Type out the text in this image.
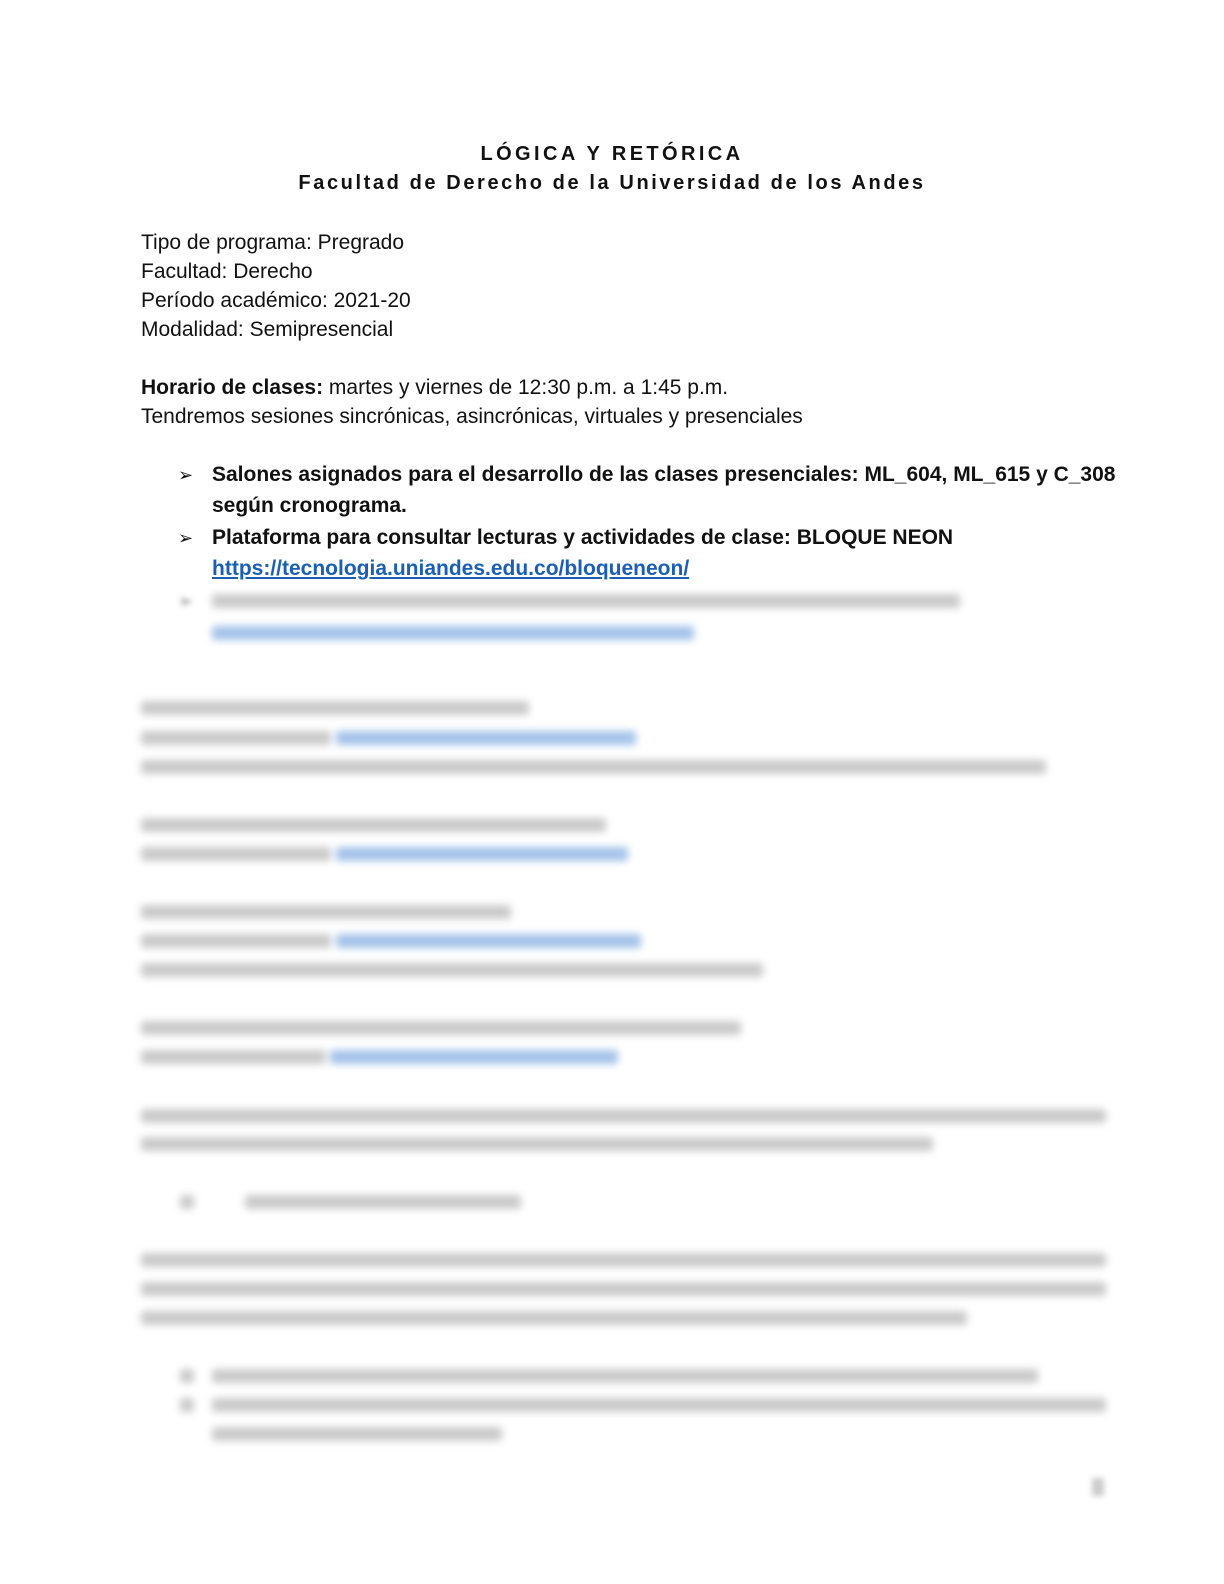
LÓGICA Y RETÓRICA
Facultad de Derecho de la Universidad de los Andes
Tipo de programa: Pregrado
Facultad: Derecho
Período académico: 2021-20
Modalidad: Semipresencial
Horario de clases: martes y viernes de 12:30 p.m. a 1:45 p.m.
Tendremos sesiones sincrónicas, asincrónicas, virtuales y presenciales
➢ Salones asignados para el desarrollo de las clases presenciales: ML_604, ML_615 y C_308
según cronograma.
➢ Plataforma para consultar lecturas y actividades de clase: BLOQUE NEON
https://tecnologia.uniandes.edu.co/bloqueneon/
➢
